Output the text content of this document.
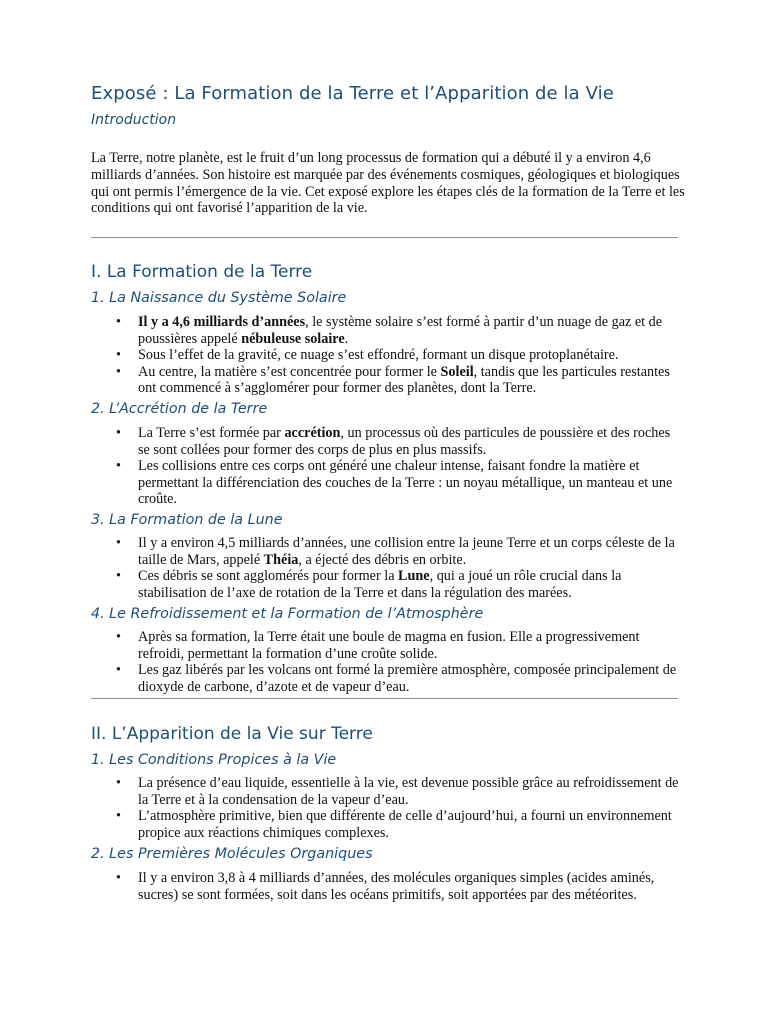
Exposé : La Formation de la Terre et l’Apparition de la Vie
Introduction

La Terre, notre planète, est le fruit d’un long processus de formation qui a débuté il y a environ 4,6 milliards d’années. Son histoire est marquée par des événements cosmiques, géologiques et biologiques qui ont permis l’émergence de la vie. Cet exposé explore les étapes clés de la formation de la Terre et les conditions qui ont favorisé l’apparition de la vie.

I. La Formation de la Terre
1. La Naissance du Système Solaire
• Il y a 4,6 milliards d’années, le système solaire s’est formé à partir d’un nuage de gaz et de poussières appelé nébuleuse solaire.
• Sous l’effet de la gravité, ce nuage s’est effondré, formant un disque protoplanétaire.
• Au centre, la matière s’est concentrée pour former le Soleil, tandis que les particules restantes ont commencé à s’agglomérer pour former des planètes, dont la Terre.
2. L’Accrétion de la Terre
• La Terre s’est formée par accrétion, un processus où des particules de poussière et des roches se sont collées pour former des corps de plus en plus massifs.
• Les collisions entre ces corps ont généré une chaleur intense, faisant fondre la matière et permettant la différenciation des couches de la Terre : un noyau métallique, un manteau et une croûte.
3. La Formation de la Lune
• Il y a environ 4,5 milliards d’années, une collision entre la jeune Terre et un corps céleste de la taille de Mars, appelé Théia, a éjecté des débris en orbite.
• Ces débris se sont agglomérés pour former la Lune, qui a joué un rôle crucial dans la stabilisation de l’axe de rotation de la Terre et dans la régulation des marées.
4. Le Refroidissement et la Formation de l’Atmosphère
• Après sa formation, la Terre était une boule de magma en fusion. Elle a progressivement refroidi, permettant la formation d’une croûte solide.
• Les gaz libérés par les volcans ont formé la première atmosphère, composée principalement de dioxyde de carbone, d’azote et de vapeur d’eau.
II. L’Apparition de la Vie sur Terre
1. Les Conditions Propices à la Vie
• La présence d’eau liquide, essentielle à la vie, est devenue possible grâce au refroidissement de la Terre et à la condensation de la vapeur d’eau.
• L’atmosphère primitive, bien que différente de celle d’aujourd’hui, a fourni un environnement propice aux réactions chimiques complexes.
2. Les Premières Molécules Organiques
• Il y a environ 3,8 à 4 milliards d’années, des molécules organiques simples (acides aminés, sucres) se sont formées, soit dans les océans primitifs, soit apportées par des météorites.
